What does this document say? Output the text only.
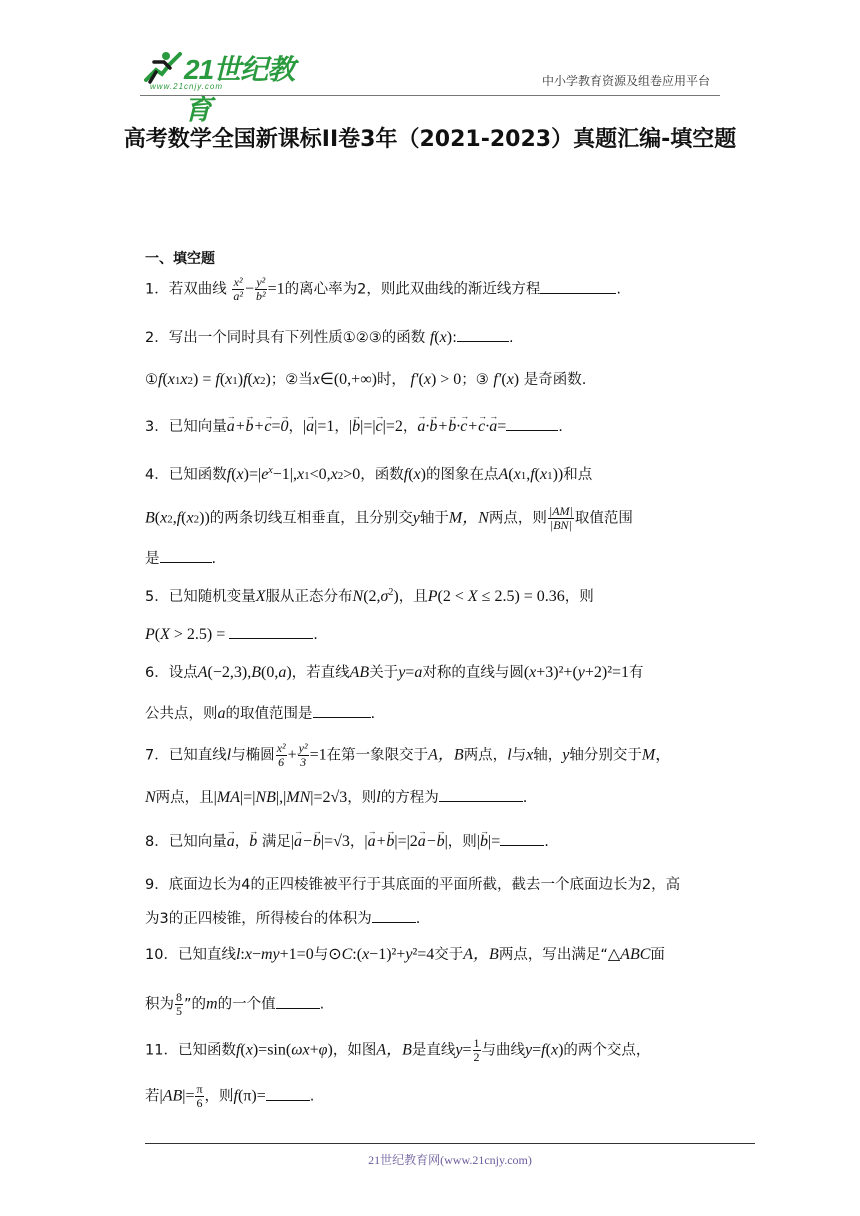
21世纪教育
www.21cnjy.com	中小学教育资源及组卷应用平台
高考数学全国新课标II卷3年（2021-2023）真题汇编-填空题
一、填空题
1．若双曲线 $\frac{\text{x²}}{\text{a²}} - \frac{\text{y²}}{\text{b²}} =1$的离心率为2，则此双曲线的渐近线方程	.
2．写出一个同时具有下列性质①②③的函数 f(x):	.
①f(x1x2) = f(x1)f(x2)；②当x∈(0,+∞)时， f′(x) > 0；③ f′(x) 是奇函数.
3．已知向量→ a+→ b+→ c=→ 0，|→ a|=1，|→ b|=|→ c|=2，→ a·→ b+→ b·→ c+→ c·→ a=	.
4．已知函数$f(x)=|e^x-1|,x1<0,x2>0$，函数f(x)的图象在点A(x1,f(x1))和点
B(x2,f(x2))的两条切线互相垂直，且分别交y轴于M，N两点，则 $\frac{|AM|}{|BN|}$ 取值范围
是	.
5．已知随机变量X服从正态分布$N(2,\sigma^2)$，且P(2 < X ≤ 2.5) = 0.36，则
P(X > 2.5) =	.
6．设点A(−2,3),B(0,a)，若直线AB关于y=a对称的直线与圆(x+3)²+(y+2)²=1有
公共点，则a的取值范围是	.
7．已知直线l与椭圆 $\frac{\text{x²}}{6} + \frac{\text{y²}}{3} =1$在第一象限交于A，B两点，l与x轴，y轴分别交于M，
N两点，且|MA|=|NB|,|MN|=2√3，则l的方程为	.
8．已知向量→ a，→ b 满足|→ a−→ b|=√3，|→ a+→ b|=|2→ a−→ b|，则|→ b|=	.
9．底面边长为4的正四棱锥被平行于其底面的平面所截，截去一个底面边长为2，高
为3的正四棱锥，所得棱台的体积为	.
10．已知直线l:x−my+1=0与⊙C:(x−1)²+y²=4交于A，B两点，写出满足“△ABC面
积为 $\frac{8}{5}$ ”的m的一个值	.
11．已知函数f(x)=sin(ωx+φ)，如图A，B是直线$y= \frac{1}{2}$ 与曲线y=f(x)的两个交点，
若$|AB|= \frac{\pi}{6}$ ，则f(π)=	.
21世纪教育网(www.21cnjy.com)
